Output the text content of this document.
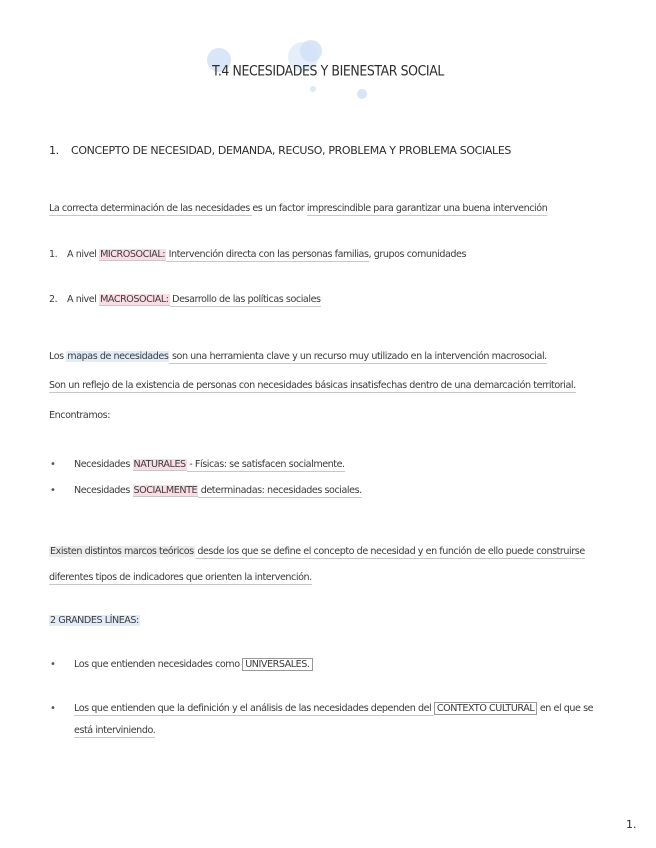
T.4 NECESIDADES Y BIENESTAR SOCIAL
1. CONCEPTO DE NECESIDAD, DEMANDA, RECUSO, PROBLEMA Y PROBLEMA SOCIALES
La correcta determinación de las necesidades es un factor imprescindible para garantizar una buena intervención
1. A nivel MICROSOCIAL: Intervención directa con las personas familias, grupos comunidades
2. A nivel MACROSOCIAL: Desarrollo de las políticas sociales
Los mapas de necesidades son una herramienta clave y un recurso muy utilizado en la intervención macrosocial.
Son un reflejo de la existencia de personas con necesidades básicas insatisfechas dentro de una demarcación territorial.
Encontramos:
• Necesidades NATURALES - Físicas: se satisfacen socialmente.
• Necesidades SOCIALMENTE determinadas: necesidades sociales.
Existen distintos marcos teóricos desde los que se define el concepto de necesidad y en función de ello puede construirse
diferentes tipos de indicadores que orienten la intervención.
2 GRANDES LÍNEAS:
• Los que entienden necesidades como UNIVERSALES.
• Los que entienden que la definición y el análisis de las necesidades dependen del CONTEXTO CULTURAL en el que se
está interviniendo.
1.
